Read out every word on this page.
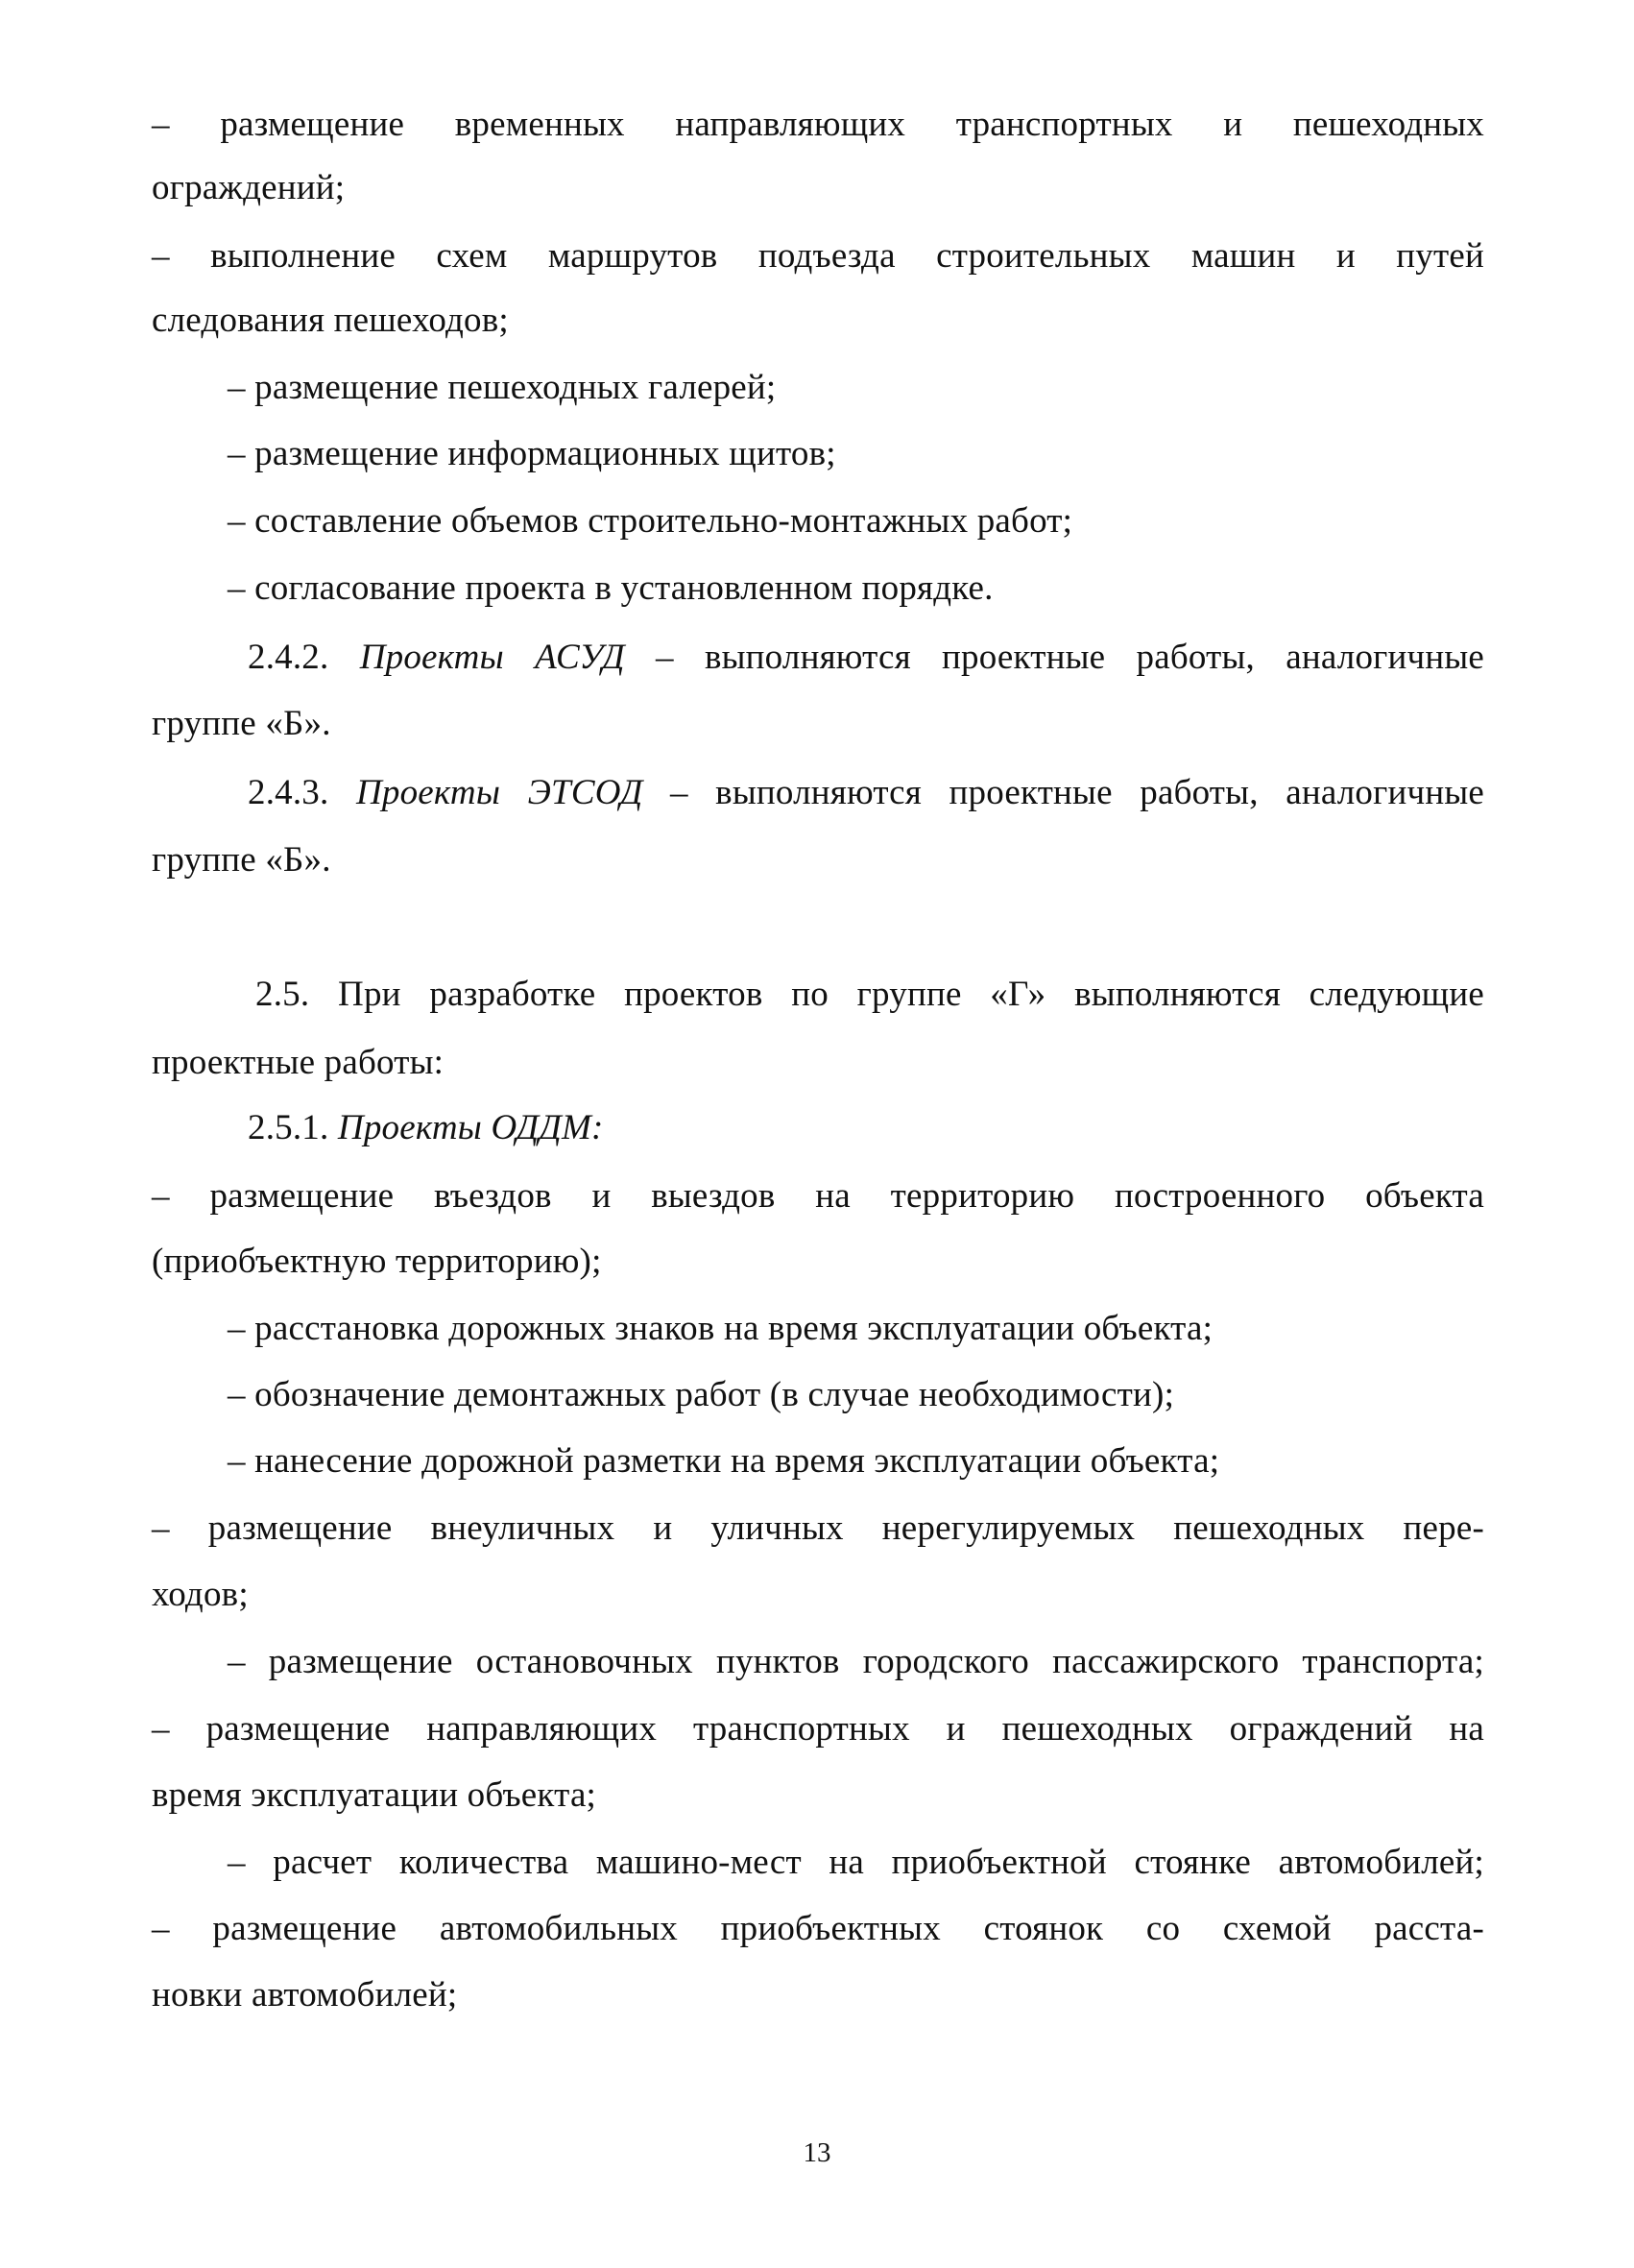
– размещение временных направляющих транспортных и пешеходных

ограждений;

– выполнение схем маршрутов подъезда строительных машин и путей

следования пешеходов;

– размещение пешеходных галерей;

– размещение информационных щитов;

– составление объемов строительно-монтажных работ;

– согласование проекта в установленном порядке.

2.4.2. Проекты АСУД – выполняются проектные работы, аналогичные

группе «Б».

2.4.3. Проекты ЭТСОД – выполняются проектные работы, аналогичные

группе «Б».

2.5. При разработке проектов по группе «Г» выполняются следующие

проектные работы:

2.5.1. Проекты ОДДМ:

– размещение въездов и выездов на территорию построенного объекта

(приобъектную территорию);

– расстановка дорожных знаков на время эксплуатации объекта;

– обозначение демонтажных работ (в случае необходимости);

– нанесение дорожной разметки на время эксплуатации объекта;

– размещение внеуличных и уличных нерегулируемых пешеходных пере-

ходов;

– размещение остановочных пунктов городского пассажирского транспорта;

– размещение направляющих транспортных и пешеходных ограждений на

время эксплуатации объекта;

– расчет количества машино-мест на приобъектной стоянке автомобилей;

– размещение автомобильных приобъектных стоянок со схемой расста-

новки автомобилей;

13
